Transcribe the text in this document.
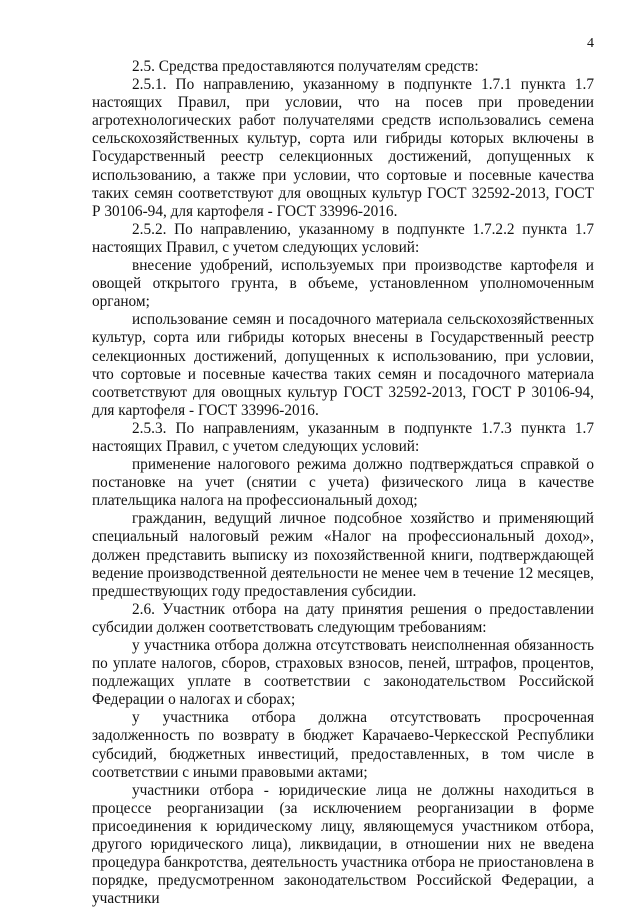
4

2.5. Средства предоставляются получателям средств:

2.5.1. По направлению, указанному в подпункте 1.7.1 пункта 1.7 настоящих Правил, при условии, что на посев при проведении агротехнологических работ получателями средств использовались семена сельскохозяйственных культур, сорта или гибриды которых включены в Государственный реестр селекционных достижений, допущенных к использованию, а также при условии, что сортовые и посевные качества таких семян соответствуют для овощных культур ГОСТ 32592-2013, ГОСТ Р 30106-94, для картофеля - ГОСТ 33996-2016.

2.5.2. По направлению, указанному в подпункте 1.7.2.2 пункта 1.7 настоящих Правил, с учетом следующих условий:

внесение удобрений, используемых при производстве картофеля и овощей открытого грунта, в объеме, установленном уполномоченным органом;

использование семян и посадочного материала сельскохозяйственных культур, сорта или гибриды которых внесены в Государственный реестр селекционных достижений, допущенных к использованию, при условии, что сортовые и посевные качества таких семян и посадочного материала соответствуют для овощных культур ГОСТ 32592-2013, ГОСТ Р 30106-94, для картофеля - ГОСТ 33996-2016.

2.5.3. По направлениям, указанным в подпункте 1.7.3 пункта 1.7 настоящих Правил, с учетом следующих условий:

применение налогового режима должно подтверждаться справкой о постановке на учет (снятии с учета) физического лица в качестве плательщика налога на профессиональный доход;

гражданин, ведущий личное подсобное хозяйство и применяющий специальный налоговый режим «Налог на профессиональный доход», должен представить выписку из похозяйственной книги, подтверждающей ведение производственной деятельности не менее чем в течение 12 месяцев, предшествующих году предоставления субсидии.

2.6. Участник отбора на дату принятия решения о предоставлении субсидии должен соответствовать следующим требованиям:

у участника отбора должна отсутствовать неисполненная обязанность по уплате налогов, сборов, страховых взносов, пеней, штрафов, процентов, подлежащих уплате в соответствии с законодательством Российской Федерации о налогах и сборах;

у участника отбора должна отсутствовать просроченная задолженность по возврату в бюджет Карачаево-Черкесской Республики субсидий, бюджетных инвестиций, предоставленных, в том числе в соответствии с иными правовыми актами;

участники отбора - юридические лица не должны находиться в процессе реорганизации (за исключением реорганизации в форме присоединения к юридическому лицу, являющемуся участником отбора, другого юридического лица), ликвидации, в отношении них не введена процедура банкротства, деятельность участника отбора не приостановлена в порядке, предусмотренном законодательством Российской Федерации, а участники
